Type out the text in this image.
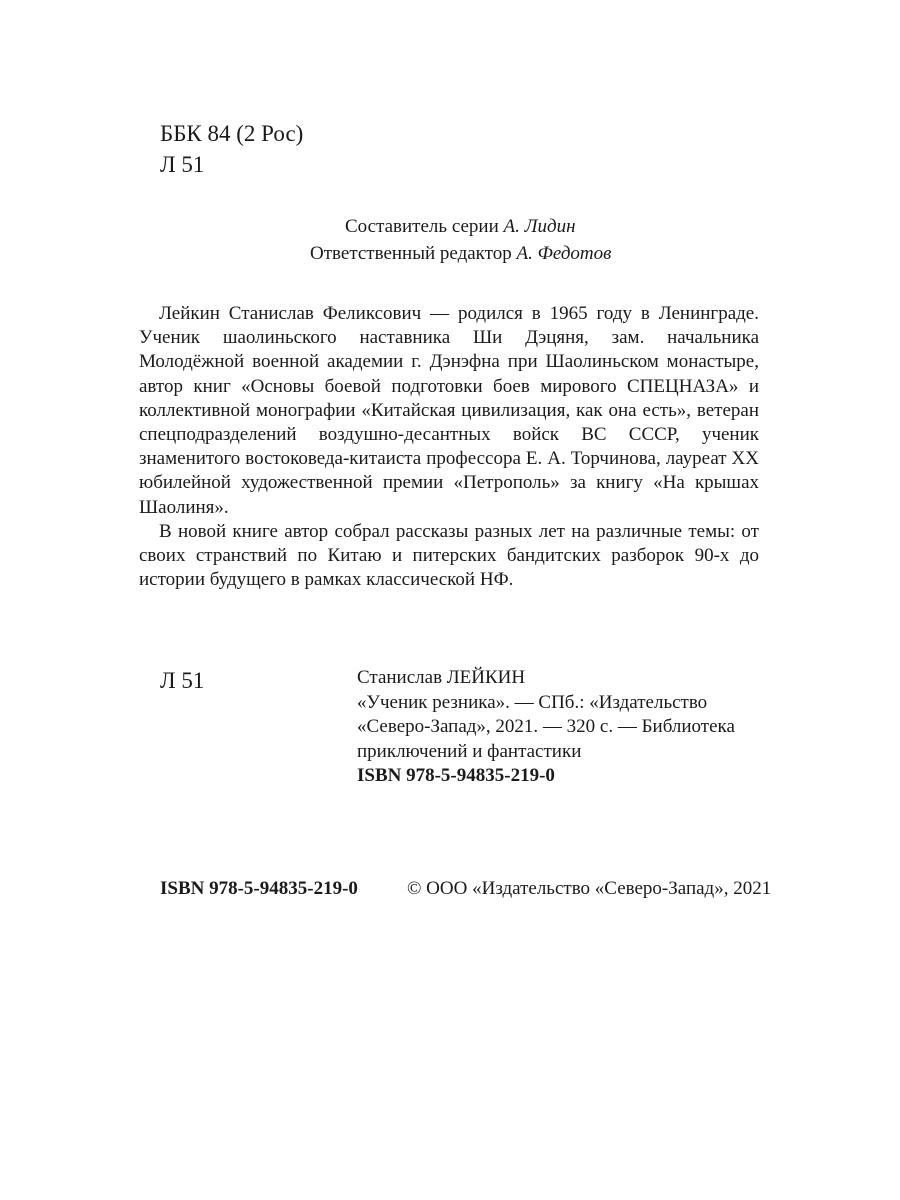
ББК 84 (2 Рос)
Л 51
Составитель серии А. Лидин
Ответственный редактор А. Федотов

Лейкин Станислав Феликсович — родился в 1965 году в Ленинграде. Ученик шаолиньского наставника Ши Дэцяня, зам. начальника Молодёжной военной академии г. Дэнэфна при Шаолиньском монастыре, автор книг «Основы боевой подготовки боев мирового СПЕЦНАЗА» и коллективной монографии «Китайская цивилизация, как она есть», ветеран спецподразделений воздушно-десантных войск ВС СССР, ученик знаменитого востоковеда-китаиста профессора Е. А. Торчинова, лауреат XX юбилейной художественной премии «Петрополь» за книгу «На крышах Шаолиня».

В новой книге автор собрал рассказы разных лет на различные темы: от своих странствий по Китаю и питерских бандитских разборок 90-х до истории будущего в рамках классической НФ.

Л 51	Станислав ЛЕЙКИН
«Ученик резника». — СПб.: «Издательство «Северо-Запад», 2021. — 320 с. — Библиотека приключений и фантастики
ISBN 978-5-94835-219-0
ISBN 978-5-94835-219-0	© ООО «Издательство «Северо-Запад», 2021
